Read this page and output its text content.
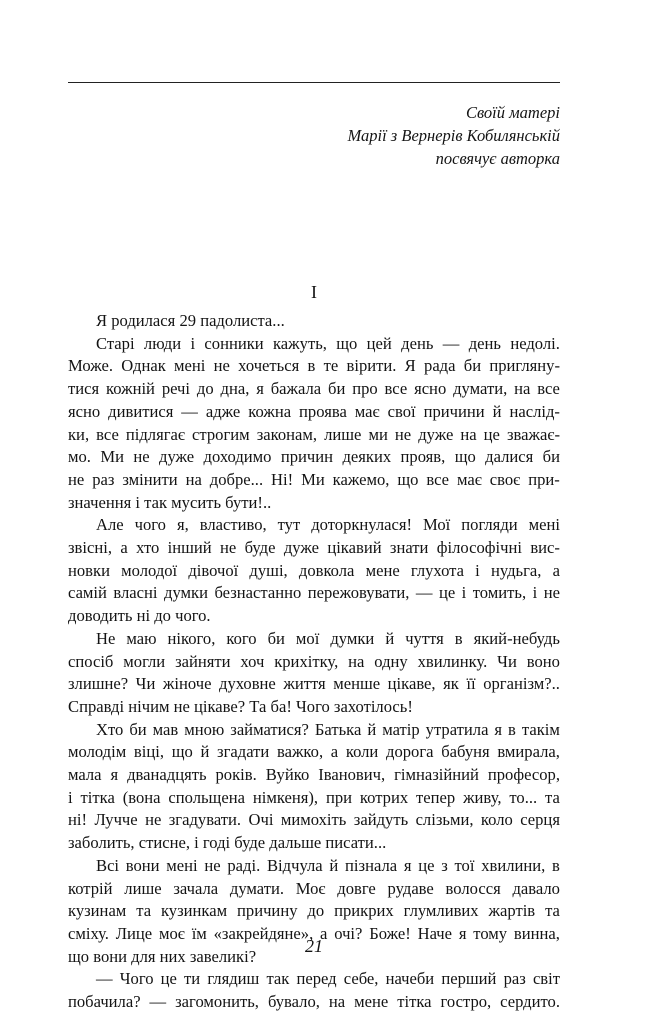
Своїй матері
Марії з Вернерів Кобилянській
посвячує авторка
I
Я родилася 29 падолиста...
Старі люди і сонники кажуть, що цей день — день недолі.
Може. Однак мені не хочеться в те вірити. Я рада би пригляну-
тися кожній речі до дна, я бажала би про все ясно думати, на все
ясно дивитися — адже кожна проява має свої причини й наслід-
ки, все підлягає строгим законам, лише ми не дуже на це зважає-
мо. Ми не дуже доходимо причин деяких прояв, що далися би
не раз змінити на добре... Ні! Ми кажемо, що все має своє при-
значення і так мусить бути!..
Але чого я, властиво, тут доторкнулася! Мої погляди мені
звісні, а хто інший не буде дуже цікавий знати філософічні вис-
новки молодої дівочої душі, довкола мене глухота і нудьга, а
самій власні думки безнастанно пережовувати, — це і томить, і не
доводить ні до чого.
Не маю нікого, кого би мої думки й чуття в який-небудь
спосіб могли зайняти хоч крихітку, на одну хвилинку. Чи воно
злишне? Чи жіноче духовне життя менше цікаве, як її організм?..
Справді нічим не цікаве? Та ба! Чого захотілось!
Хто би мав мною займатися? Батька й матір утратила я в такім
молодім віці, що й згадати важко, а коли дорога бабуня вмирала,
мала я дванадцять років. Вуйко Іванович, гімназійний професор,
і тітка (вона спольщена німкеня), при котрих тепер живу, то... та
ні! Лучче не згадувати. Очі мимохіть зайдуть слізьми, коло серця
заболить, стисне, і годі буде дальше писати...
Всі вони мені не раді. Відчула й пізнала я це з тої хвилини, в
котрій лише зачала думати. Моє довге рудаве волосся давало
кузинам та кузинкам причину до прикрих глумливих жартів та
сміху. Лице моє їм «закрейдяне», а очі? Боже! Наче я тому винна,
що вони для них завеликі?
— Чого це ти глядиш так перед себе, начеби перший раз світ
побачила? — загомонить, бувало, на мене тітка гостро, сердито.
21
